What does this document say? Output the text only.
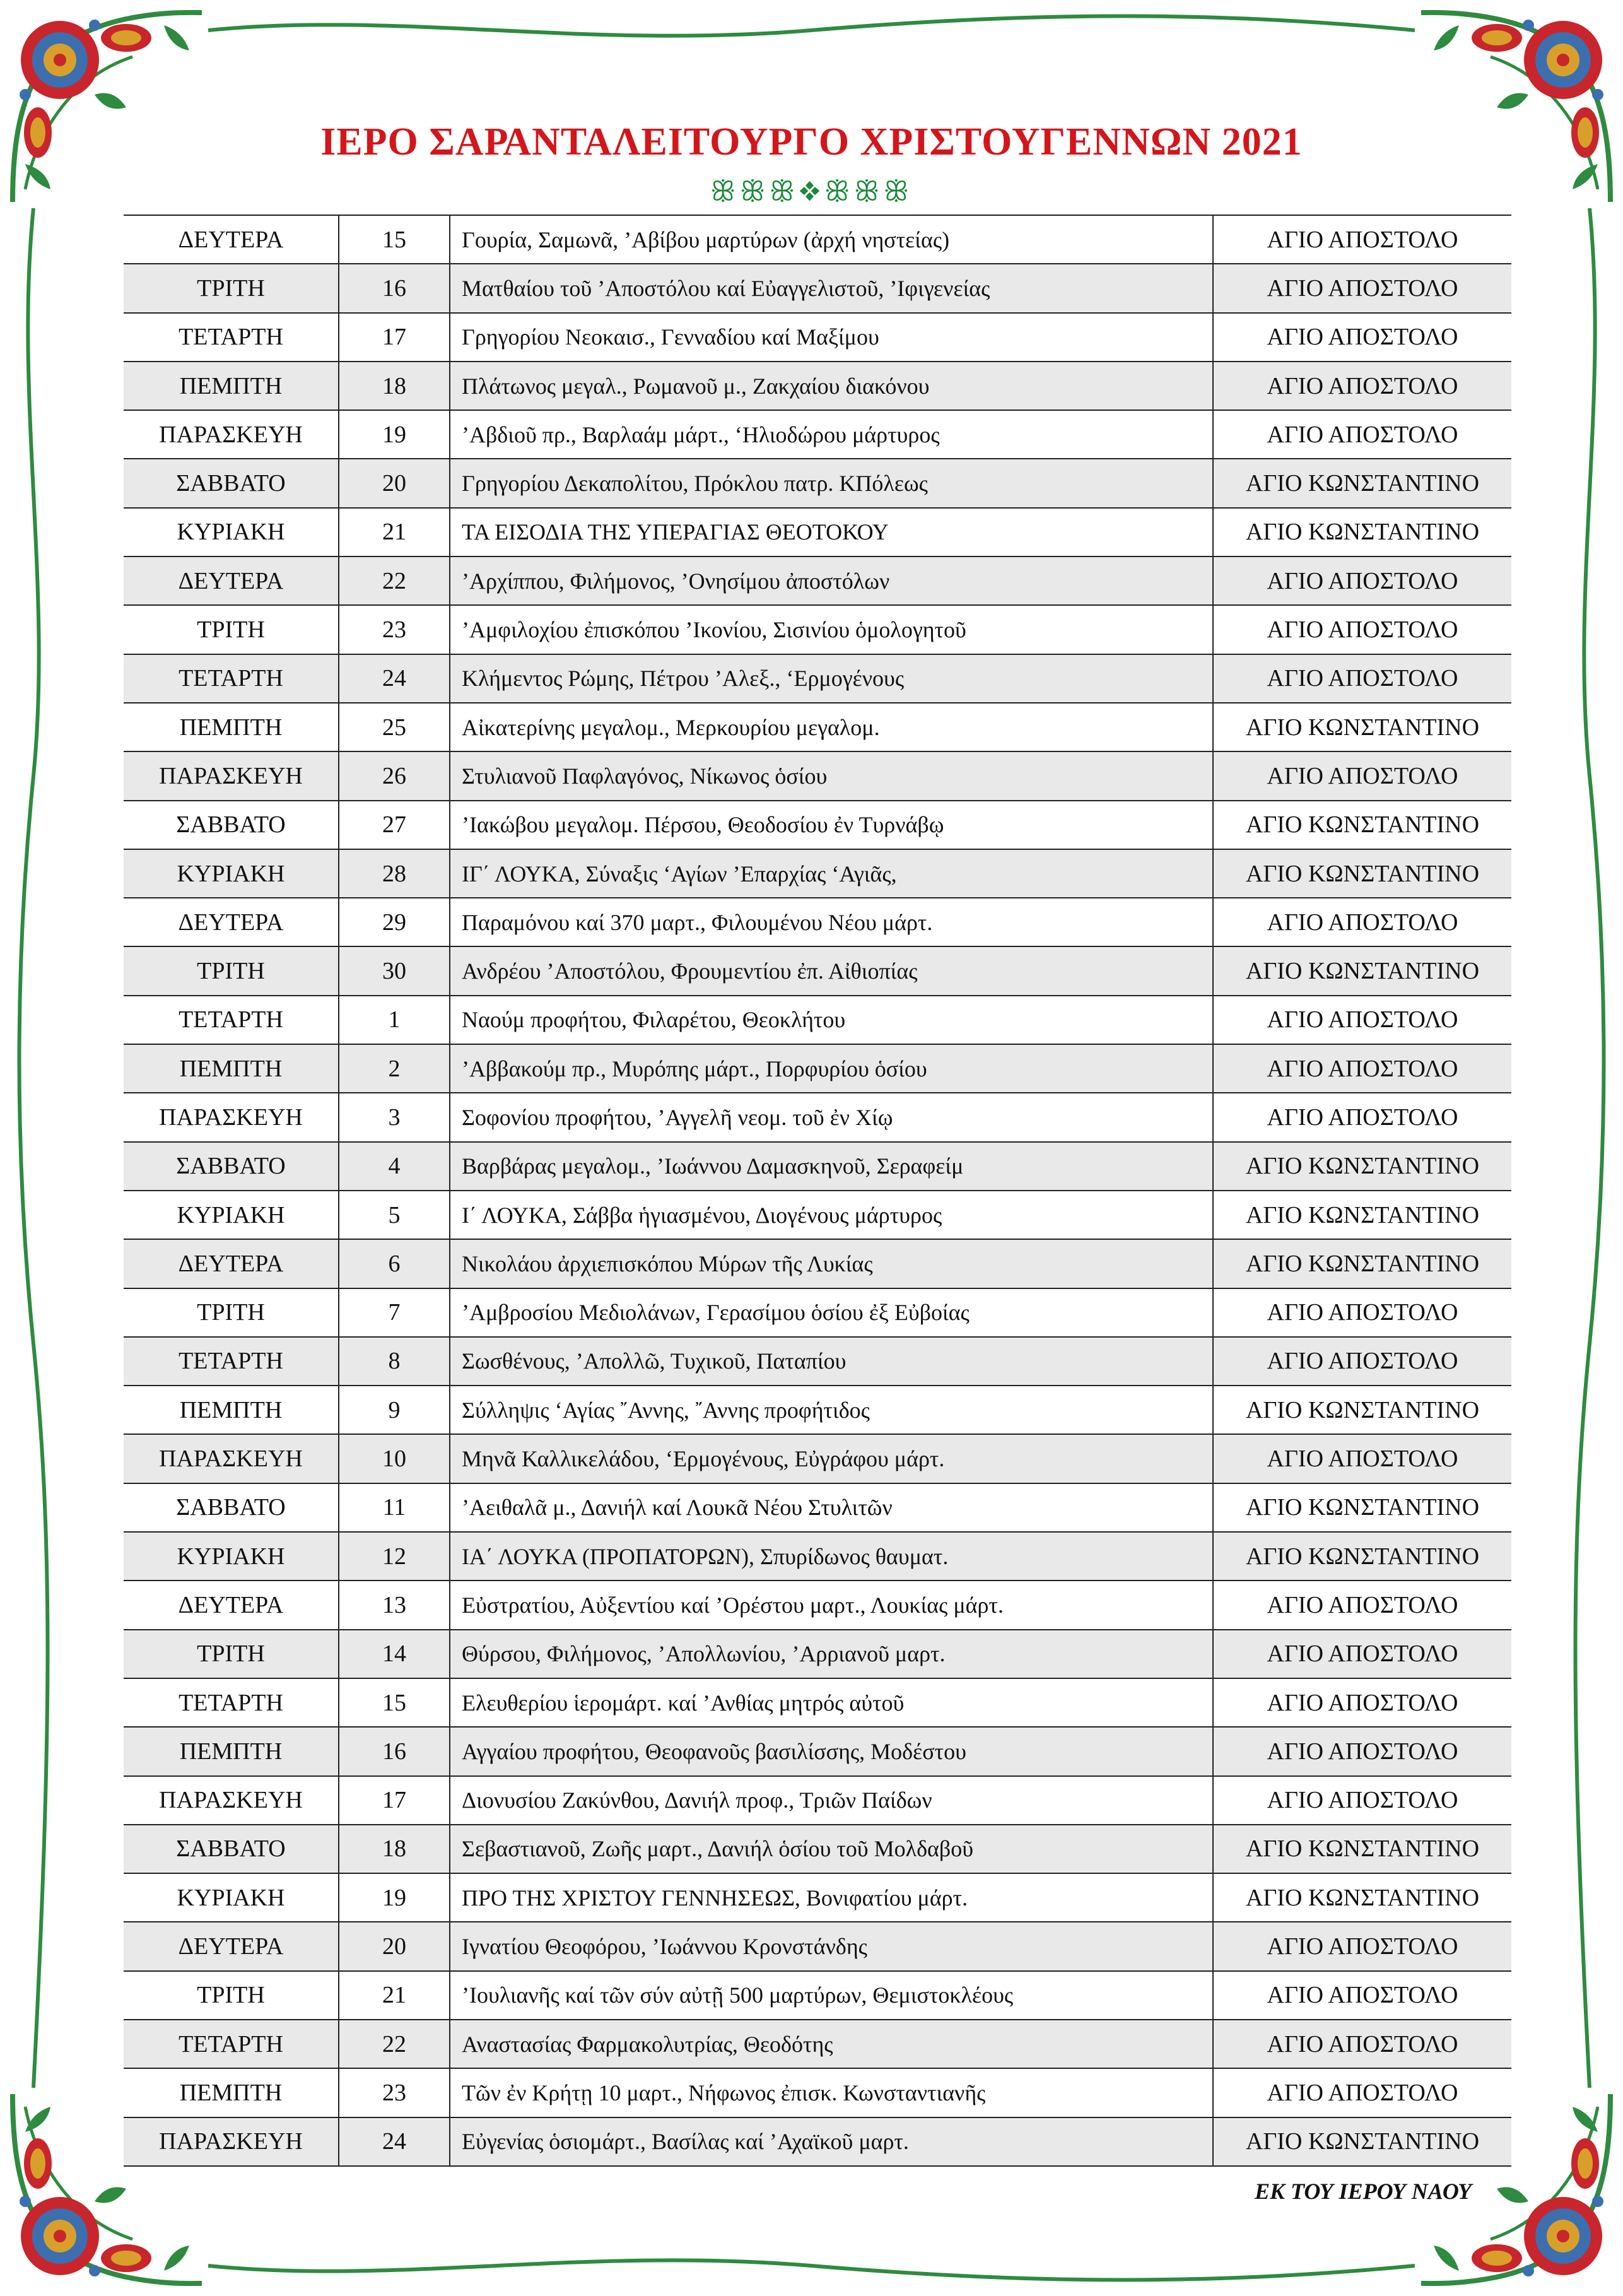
ΙΕΡΟ ΣΑΡΑΝΤΑΛΕΙΤΟΥΡΓΟ ΧΡΙΣΤΟΥΓΕΝΝΩΝ 2021
ꕥꕥꕥ❖ꕥꕥꕥ
ΔΕΥΤΕΡΑ	15	Γουρία, Σαμωνᾶ, ’Αβίβου μαρτύρων (ἀρχή νηστείας)	ΑΓΙΟ ΑΠΟΣΤΟΛΟ
ΤΡΙΤΗ	16	Ματθαίου τοῦ ’Αποστόλου καί Εὐαγγελιστοῦ, ’Ιφιγενείας	ΑΓΙΟ ΑΠΟΣΤΟΛΟ
ΤΕΤΑΡΤΗ	17	Γρηγορίου Νεοκαισ., Γενναδίου καί Μαξίμου	ΑΓΙΟ ΑΠΟΣΤΟΛΟ
ΠΕΜΠΤΗ	18	Πλάτωνος μεγαλ., Ρωμανοῦ μ., Ζακχαίου διακόνου	ΑΓΙΟ ΑΠΟΣΤΟΛΟ
ΠΑΡΑΣΚΕΥΗ	19	’Αβδιοῦ πρ., Βαρλαάμ μάρτ., ‘Ηλιοδώρου μάρτυρος	ΑΓΙΟ ΑΠΟΣΤΟΛΟ
ΣΑΒΒΑΤΟ	20	Γρηγορίου Δεκαπολίτου, Πρόκλου πατρ. ΚΠόλεως	ΑΓΙΟ ΚΩΝΣΤΑΝΤΙΝΟ
ΚΥΡΙΑΚΗ	21	ΤΑ ΕΙΣΟΔΙΑ ΤΗΣ ΥΠΕΡΑΓΙΑΣ ΘΕΟΤΟΚΟΥ	ΑΓΙΟ ΚΩΝΣΤΑΝΤΙΝΟ
ΔΕΥΤΕΡΑ	22	’Αρχίππου, Φιλήμονος, ’Ονησίμου ἀποστόλων	ΑΓΙΟ ΑΠΟΣΤΟΛΟ
ΤΡΙΤΗ	23	’Αμφιλοχίου ἐπισκόπου ’Ικονίου, Σισινίου ὁμολογητοῦ	ΑΓΙΟ ΑΠΟΣΤΟΛΟ
ΤΕΤΑΡΤΗ	24	Κλήμεντος Ρώμης, Πέτρου ’Αλεξ., ‘Ερμογένους	ΑΓΙΟ ΑΠΟΣΤΟΛΟ
ΠΕΜΠΤΗ	25	Αἰκατερίνης μεγαλομ., Μερκουρίου μεγαλομ.	ΑΓΙΟ ΚΩΝΣΤΑΝΤΙΝΟ
ΠΑΡΑΣΚΕΥΗ	26	Στυλιανοῦ Παφλαγόνος, Νίκωνος ὁσίου	ΑΓΙΟ ΑΠΟΣΤΟΛΟ
ΣΑΒΒΑΤΟ	27	’Ιακώβου μεγαλομ. Πέρσου, Θεοδοσίου ἐν Τυρνάβῳ	ΑΓΙΟ ΚΩΝΣΤΑΝΤΙΝΟ
ΚΥΡΙΑΚΗ	28	ΙΓ΄ ΛΟΥΚΑ, Σύναξις ‘Αγίων ’Επαρχίας ‘Αγιᾶς,	ΑΓΙΟ ΚΩΝΣΤΑΝΤΙΝΟ
ΔΕΥΤΕΡΑ	29	Παραμόνου καί 370 μαρτ., Φιλουμένου Νέου μάρτ.	ΑΓΙΟ ΑΠΟΣΤΟΛΟ
ΤΡΙΤΗ	30	Ανδρέου ’Αποστόλου, Φρουμεντίου ἐπ. Αἰθιοπίας	ΑΓΙΟ ΚΩΝΣΤΑΝΤΙΝΟ
ΤΕΤΑΡΤΗ	1	Ναούμ προφήτου, Φιλαρέτου, Θεοκλήτου	ΑΓΙΟ ΑΠΟΣΤΟΛΟ
ΠΕΜΠΤΗ	2	’Αββακούμ πρ., Μυρόπης μάρτ., Πορφυρίου ὁσίου	ΑΓΙΟ ΑΠΟΣΤΟΛΟ
ΠΑΡΑΣΚΕΥΗ	3	Σοφονίου προφήτου, ’Αγγελῆ νεομ. τοῦ ἐν Χίῳ	ΑΓΙΟ ΑΠΟΣΤΟΛΟ
ΣΑΒΒΑΤΟ	4	Βαρβάρας μεγαλομ., ’Ιωάννου Δαμασκηνοῦ, Σεραφείμ	ΑΓΙΟ ΚΩΝΣΤΑΝΤΙΝΟ
ΚΥΡΙΑΚΗ	5	Ι΄ ΛΟΥΚΑ, Σάββα ἡγιασμένου, Διογένους μάρτυρος	ΑΓΙΟ ΚΩΝΣΤΑΝΤΙΝΟ
ΔΕΥΤΕΡΑ	6	Νικολάου ἀρχιεπισκόπου Μύρων τῆς Λυκίας	ΑΓΙΟ ΚΩΝΣΤΑΝΤΙΝΟ
ΤΡΙΤΗ	7	’Αμβροσίου Μεδιολάνων, Γερασίμου ὁσίου ἐξ Εὐβοίας	ΑΓΙΟ ΑΠΟΣΤΟΛΟ
ΤΕΤΑΡΤΗ	8	Σωσθένους, ’Απολλῶ, Τυχικοῦ, Παταπίου	ΑΓΙΟ ΑΠΟΣΤΟΛΟ
ΠΕΜΠΤΗ	9	Σύλληψις ‘Αγίας ῎Αννης, ῎Αννης προφήτιδος	ΑΓΙΟ ΚΩΝΣΤΑΝΤΙΝΟ
ΠΑΡΑΣΚΕΥΗ	10	Μηνᾶ Καλλικελάδου, ‘Ερμογένους, Εὐγράφου μάρτ.	ΑΓΙΟ ΑΠΟΣΤΟΛΟ
ΣΑΒΒΑΤΟ	11	’Αειθαλᾶ μ., Δανιήλ καί Λουκᾶ Νέου Στυλιτῶν	ΑΓΙΟ ΚΩΝΣΤΑΝΤΙΝΟ
ΚΥΡΙΑΚΗ	12	ΙΑ΄ ΛΟΥΚΑ (ΠΡΟΠΑΤΟΡΩΝ), Σπυρίδωνος θαυματ.	ΑΓΙΟ ΚΩΝΣΤΑΝΤΙΝΟ
ΔΕΥΤΕΡΑ	13	Εὐστρατίου, Αὐξεντίου καί ’Ορέστου μαρτ., Λουκίας μάρτ.	ΑΓΙΟ ΑΠΟΣΤΟΛΟ
ΤΡΙΤΗ	14	Θύρσου, Φιλήμονος, ’Απολλωνίου, ’Αρριανοῦ μαρτ.	ΑΓΙΟ ΑΠΟΣΤΟΛΟ
ΤΕΤΑΡΤΗ	15	Ελευθερίου ἱερομάρτ. καί ’Ανθίας μητρός αὐτοῦ	ΑΓΙΟ ΑΠΟΣΤΟΛΟ
ΠΕΜΠΤΗ	16	Αγγαίου προφήτου, Θεοφανοῦς βασιλίσσης, Μοδέστου	ΑΓΙΟ ΑΠΟΣΤΟΛΟ
ΠΑΡΑΣΚΕΥΗ	17	Διονυσίου Ζακύνθου, Δανιήλ προφ., Τριῶν Παίδων	ΑΓΙΟ ΑΠΟΣΤΟΛΟ
ΣΑΒΒΑΤΟ	18	Σεβαστιανοῦ, Ζωῆς μαρτ., Δανιήλ ὁσίου τοῦ Μολδαβοῦ	ΑΓΙΟ ΚΩΝΣΤΑΝΤΙΝΟ
ΚΥΡΙΑΚΗ	19	ΠΡΟ ΤΗΣ ΧΡΙΣΤΟΥ ΓΕΝΝΗΣΕΩΣ, Βονιφατίου μάρτ.	ΑΓΙΟ ΚΩΝΣΤΑΝΤΙΝΟ
ΔΕΥΤΕΡΑ	20	Ιγνατίου Θεοφόρου, ’Ιωάννου Κρονστάνδης	ΑΓΙΟ ΑΠΟΣΤΟΛΟ
ΤΡΙΤΗ	21	’Ιουλιανῆς καί τῶν σύν αὐτῇ 500 μαρτύρων, Θεμιστοκλέους	ΑΓΙΟ ΑΠΟΣΤΟΛΟ
ΤΕΤΑΡΤΗ	22	Αναστασίας Φαρμακολυτρίας, Θεοδότης	ΑΓΙΟ ΑΠΟΣΤΟΛΟ
ΠΕΜΠΤΗ	23	Τῶν ἐν Κρήτῃ 10 μαρτ., Νήφωνος ἐπισκ. Κωνσταντιανῆς	ΑΓΙΟ ΑΠΟΣΤΟΛΟ
ΠΑΡΑΣΚΕΥΗ	24	Εὐγενίας ὁσιομάρτ., Βασίλας καί ’Αχαϊκοῦ μαρτ.	ΑΓΙΟ ΚΩΝΣΤΑΝΤΙΝΟ
ΕΚ ΤΟΥ ΙΕΡΟΥ ΝΑΟΥ
